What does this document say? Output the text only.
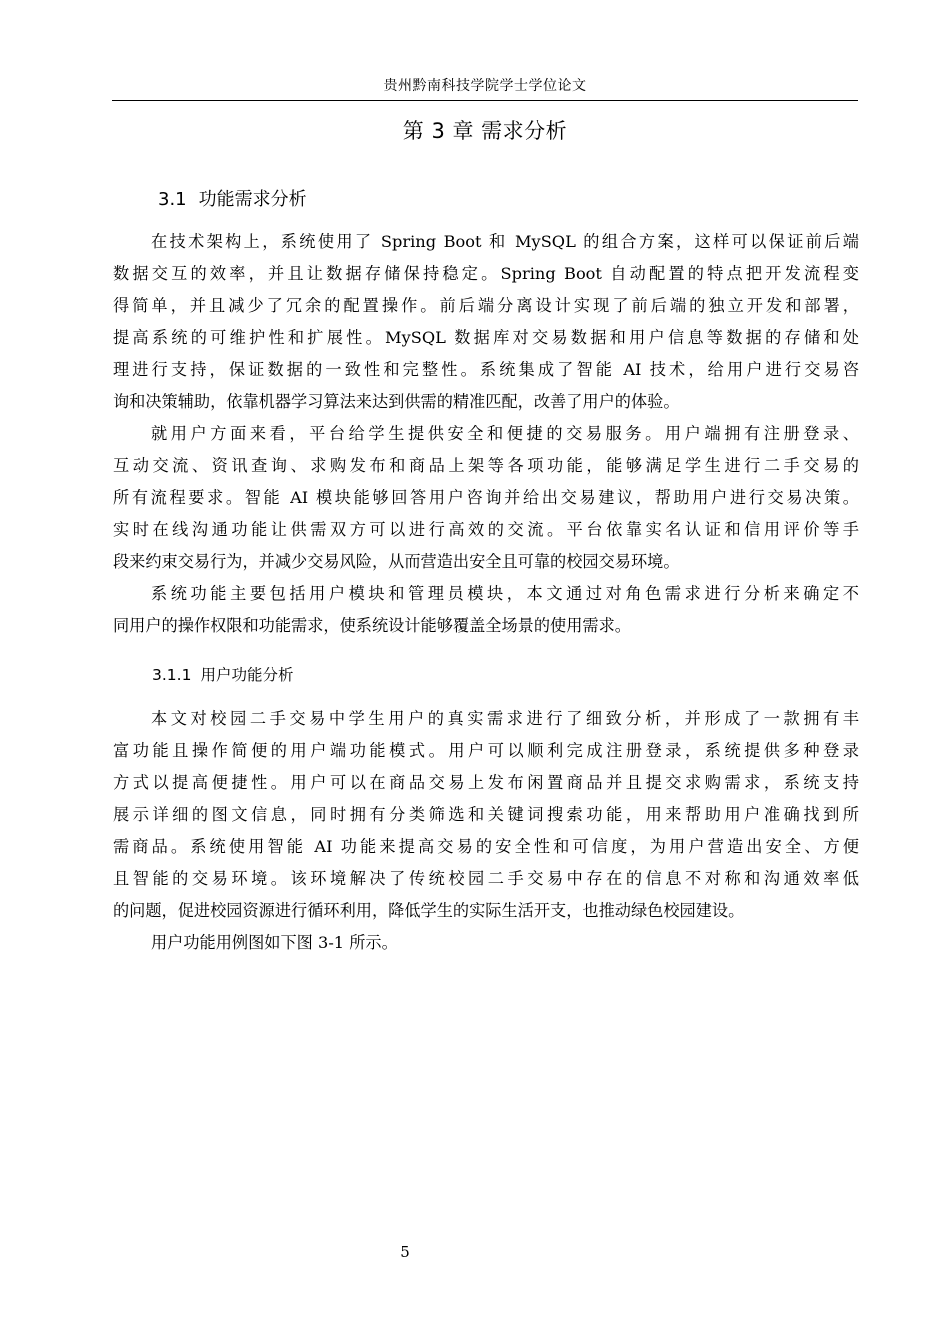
贵州黔南科技学院学士学位论文
第 3 章 需求分析
3.1 功能需求分析
在技术架构上，系统使用了 Spring Boot 和 MySQL 的组合方案，这样可以保证前后端
数据交互的效率，并且让数据存储保持稳定。Spring Boot 自动配置的特点把开发流程变
得简单，并且减少了冗余的配置操作。前后端分离设计实现了前后端的独立开发和部署，
提高系统的可维护性和扩展性。MySQL 数据库对交易数据和用户信息等数据的存储和处
理进行支持，保证数据的一致性和完整性。系统集成了智能 AI 技术，给用户进行交易咨
询和决策辅助，依靠机器学习算法来达到供需的精准匹配，改善了用户的体验。
就用户方面来看，平台给学生提供安全和便捷的交易服务。用户端拥有注册登录、
互动交流、资讯查询、求购发布和商品上架等各项功能，能够满足学生进行二手交易的
所有流程要求。智能 AI 模块能够回答用户咨询并给出交易建议，帮助用户进行交易决策。
实时在线沟通功能让供需双方可以进行高效的交流。平台依靠实名认证和信用评价等手
段来约束交易行为，并减少交易风险，从而营造出安全且可靠的校园交易环境。
系统功能主要包括用户模块和管理员模块，本文通过对角色需求进行分析来确定不
同用户的操作权限和功能需求，使系统设计能够覆盖全场景的使用需求。
3.1.1 用户功能分析
本文对校园二手交易中学生用户的真实需求进行了细致分析，并形成了一款拥有丰
富功能且操作简便的用户端功能模式。用户可以顺利完成注册登录，系统提供多种登录
方式以提高便捷性。用户可以在商品交易上发布闲置商品并且提交求购需求，系统支持
展示详细的图文信息，同时拥有分类筛选和关键词搜索功能，用来帮助用户准确找到所
需商品。系统使用智能 AI 功能来提高交易的安全性和可信度，为用户营造出安全、方便
且智能的交易环境。该环境解决了传统校园二手交易中存在的信息不对称和沟通效率低
的问题，促进校园资源进行循环利用，降低学生的实际生活开支，也推动绿色校园建设。
用户功能用例图如下图 3-1 所示。
5
